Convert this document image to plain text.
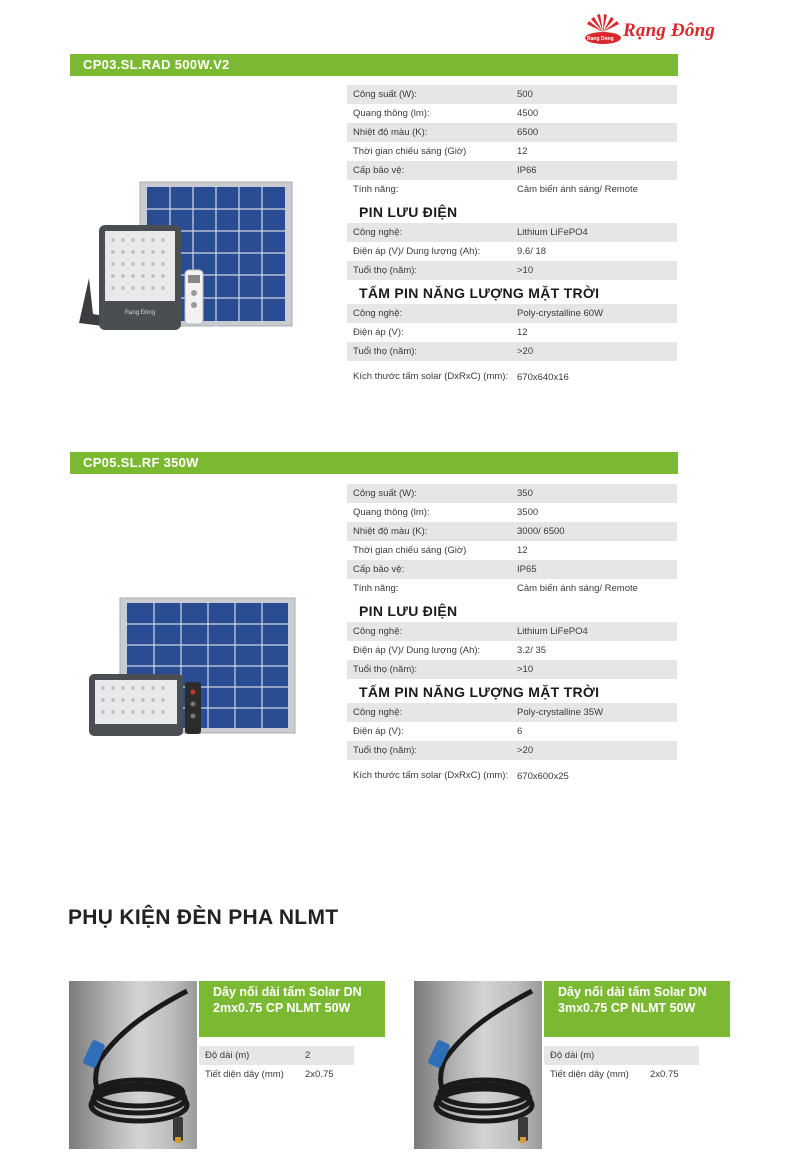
Rang Dong Rạng Đông
CP03.SL.RAD 500W.V2
Rạng Đông
Công suất (W):	500
Quang thông (lm):	4500
Nhiệt độ màu (K):	6500
Thời gian chiếu sáng (Giờ)	12
Cấp bảo vệ:	IP66
Tính năng:	Cảm biến ánh sáng/ Remote
PIN LƯU ĐIỆN
Công nghệ:	Lithium LiFePO4
Điện áp (V)/ Dung lượng (Ah):	9.6/ 18
Tuổi thọ (năm):	>10
TẤM PIN NĂNG LƯỢNG MẶT TRỜI
Công nghệ:	Poly-crystalline 60W
Điện áp (V):	12
Tuổi thọ (năm):	>20
Kích thước tấm solar (DxRxC) (mm): 670x640x16
CP05.SL.RF 350W
Công suất (W):	350
Quang thông (lm):	3500
Nhiệt độ màu (K):	3000/ 6500
Thời gian chiếu sáng (Giờ)	12
Cấp bảo vệ:	IP65
Tính năng:	Cảm biến ánh sáng/ Remote
PIN LƯU ĐIỆN
Công nghệ:	Lithium LiFePO4
Điện áp (V)/ Dung lượng (Ah):	3.2/ 35
Tuổi thọ (năm):	>10
TẤM PIN NĂNG LƯỢNG MẶT TRỜI
Công nghệ:	Poly-crystalline 35W
Điện áp (V):	6
Tuổi thọ (năm):	>20
Kích thước tấm solar (DxRxC) (mm): 670x600x25
PHỤ KIỆN ĐÈN PHA NLMT
Dây nối dài tấm Solar DN 2mx0.75 CP NLMT 50W
Độ dài (m)	2
Tiết diện dây (mm)	2x0.75
Dây nối dài tấm Solar DN 3mx0.75 CP NLMT 50W
Độ dài (m)
Tiết diện dây (mm)	2x0.75
